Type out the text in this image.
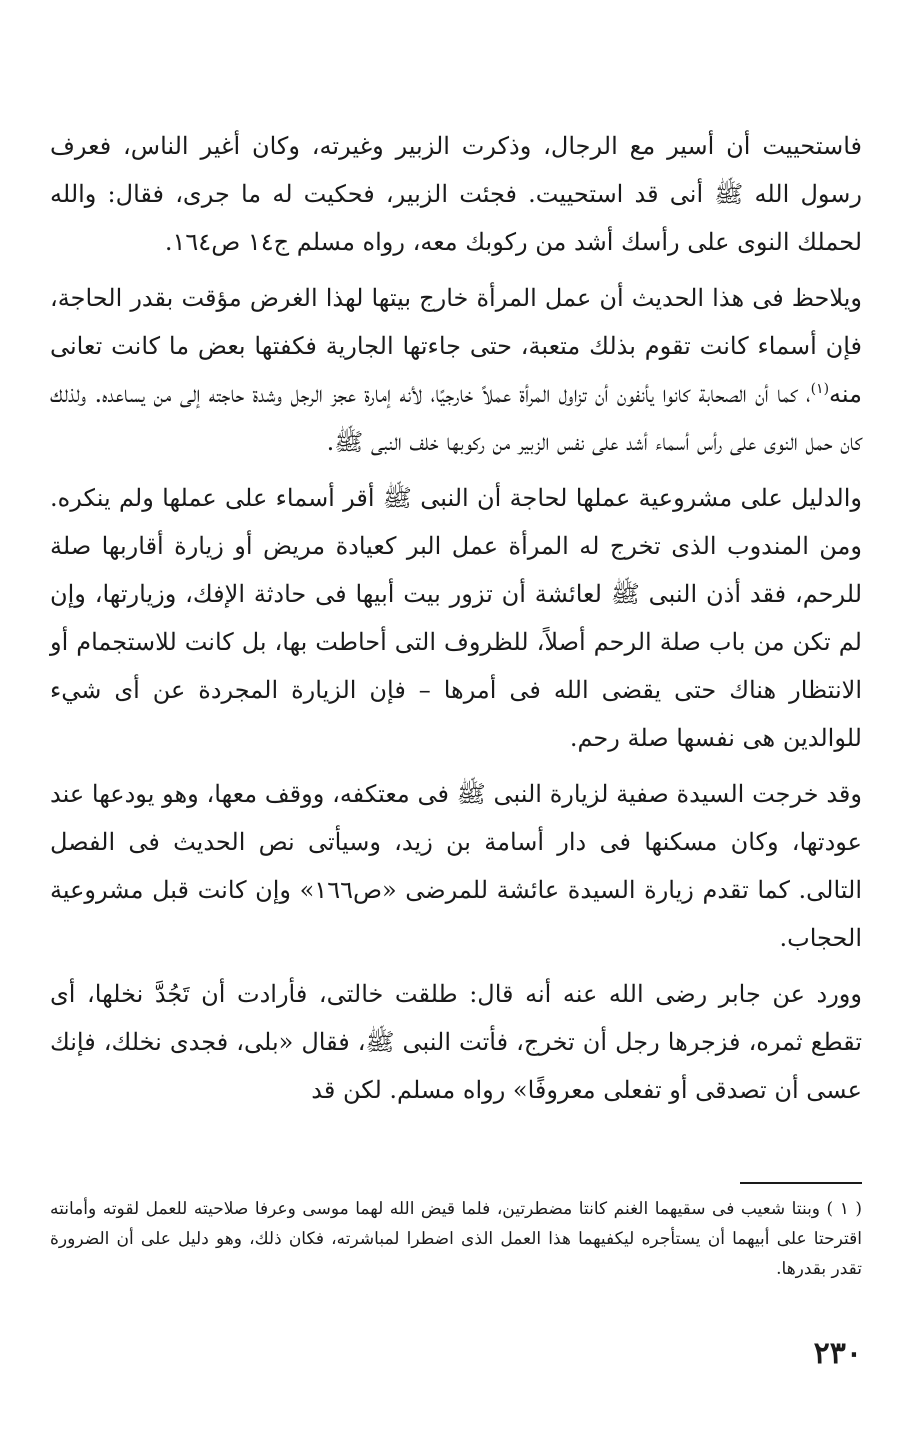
فاستحييت أن أسير مع الرجال، وذكرت الزبير وغيرته، وكان أغير الناس، فعرف رسول الله ﷺ أنى قد استحييت. فجئت الزبير، فحكيت له ما جرى، فقال: والله لحملك النوى على رأسك أشد من ركوبك معه، رواه مسلم ج١٤ ص١٦٤.

ويلاحظ فى هذا الحديث أن عمل المرأة خارج بيتها لهذا الغرض مؤقت بقدر الحاجة، فإن أسماء كانت تقوم بذلك متعبة، حتى جاءتها الجارية فكفتها بعض ما كانت تعانى منه$^{(١)}$، كما أن الصحابة كانوا يأنفون أن تزاول المرأة عملاً خارجيًا، لأنه إمارة عجز الرجل وشدة حاجته إلى من يساعده. ولذلك كان حمل النوى على رأس أسماء أشد على نفس الزبير من ركوبها خلف النبى ﷺ.

والدليل على مشروعية عملها لحاجة أن النبى ﷺ أقر أسماء على عملها ولم ينكره. ومن المندوب الذى تخرج له المرأة عمل البر كعيادة مريض أو زيارة أقاربها صلة للرحم، فقد أذن النبى ﷺ لعائشة أن تزور بيت أبيها فى حادثة الإفك، وزيارتها، وإن لم تكن من باب صلة الرحم أصلاً، للظروف التى أحاطت بها، بل كانت للاستجمام أو الانتظار هناك حتى يقضى الله فى أمرها – فإن الزيارة المجردة عن أى شيء للوالدين هى نفسها صلة رحم.

وقد خرجت السيدة صفية لزيارة النبى ﷺ فى معتكفه، ووقف معها، وهو يودعها عند عودتها، وكان مسكنها فى دار أسامة بن زيد، وسيأتى نص الحديث فى الفصل التالى. كما تقدم زيارة السيدة عائشة للمرضى «ص١٦٦» وإن كانت قبل مشروعية الحجاب.

وورد عن جابر رضى الله عنه أنه قال: طلقت خالتى، فأرادت أن تَجُدَّ نخلها، أى تقطع ثمره، فزجرها رجل أن تخرج، فأتت النبى ﷺ، فقال «بلى، فجدى نخلك، فإنك عسى أن تصدقى أو تفعلى معروفًا» رواه مسلم. لكن قد

( ١ ) وبنتا شعيب فى سقيهما الغنم كانتا مضطرتين، فلما قيض الله لهما موسى وعرفا صلاحيته للعمل لقوته وأمانته اقترحتا على أبيهما أن يستأجره ليكفيهما هذا العمل الذى اضطرا لمباشرته، فكان ذلك، وهو دليل على أن الضرورة تقدر بقدرها.

٢٣٠
